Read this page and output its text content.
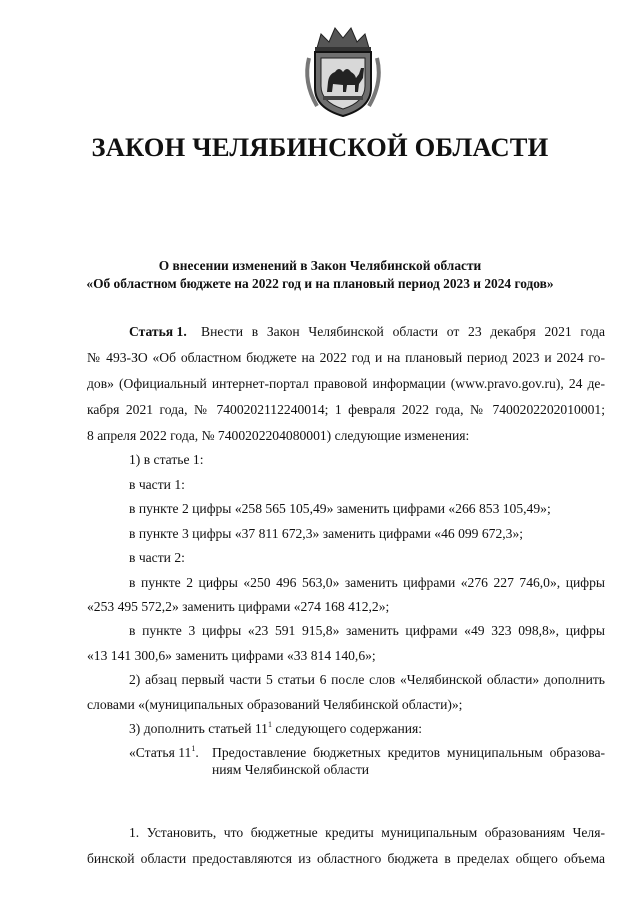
ЗАКОН ЧЕЛЯБИНСКОЙ ОБЛАСТИ
О внесении изменений в Закон Челябинской области
«Об областном бюджете на 2022 год и на плановый период 2023 и 2024 годов»
Статья 1. Внести в Закон Челябинской области от 23 декабря 2021 года
№ 493-ЗО «Об областном бюджете на 2022 год и на плановый период 2023 и 2024 го-
дов» (Официальный интернет-портал правовой информации (www.pravo.gov.ru), 24 де-
кабря 2021 года, № 7400202112240014; 1 февраля 2022 года, № 7400202202010001;
8 апреля 2022 года, № 7400202204080001) следующие изменения:
1) в статье 1:
в части 1:
в пункте 2 цифры «258 565 105,49» заменить цифрами «266 853 105,49»;
в пункте 3 цифры «37 811 672,3» заменить цифрами «46 099 672,3»;
в части 2:
в пункте 2 цифры «250 496 563,0» заменить цифрами «276 227 746,0», цифры
«253 495 572,2» заменить цифрами «274 168 412,2»;
в пункте 3 цифры «23 591 915,8» заменить цифрами «49 323 098,8», цифры
«13 141 300,6» заменить цифрами «33 814 140,6»;
2) абзац первый части 5 статьи 6 после слов «Челябинской области» дополнить
словами «(муниципальных образований Челябинской области)»;
3) дополнить статьей $11^1$ следующего содержания:
«Статья $11^1$. Предоставление бюджетных кредитов муниципальным образова-
ниям Челябинской области
1. Установить, что бюджетные кредиты муниципальным образованиям Челя-
бинской области предоставляются из областного бюджета в пределах общего объема
